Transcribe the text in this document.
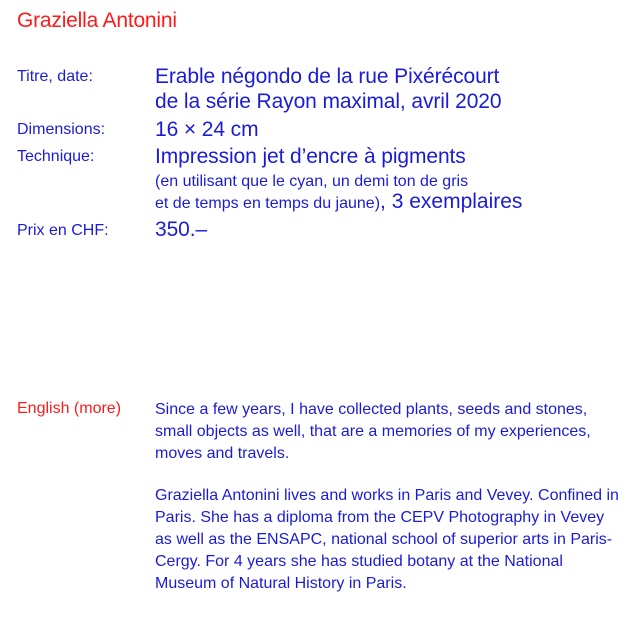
Graziella Antonini
Titre, date:	Erable négondo de la rue Pixérécourt
de la série Rayon maximal, avril 2020
Dimensions: 16 × 24 cm
Technique:	Impression jet d’encre à pigments
(en utilisant que le cyan, un demi ton de gris
et de temps en temps du jaune), 3 exemplaires
Prix en CHF: 350.–
English (more) Since a few years, I have collected plants, seeds and stones, small objects as well, that are a memories of my experiences, moves and travels.

Graziella Antonini lives and works in Paris and Vevey. Confined in Paris. She has a diploma from the CEPV Photography in Vevey as well as the ENSAPC, national school of superior arts in Paris-Cergy. For 4 years she has studied botany at the National Museum of Natural History in Paris.
